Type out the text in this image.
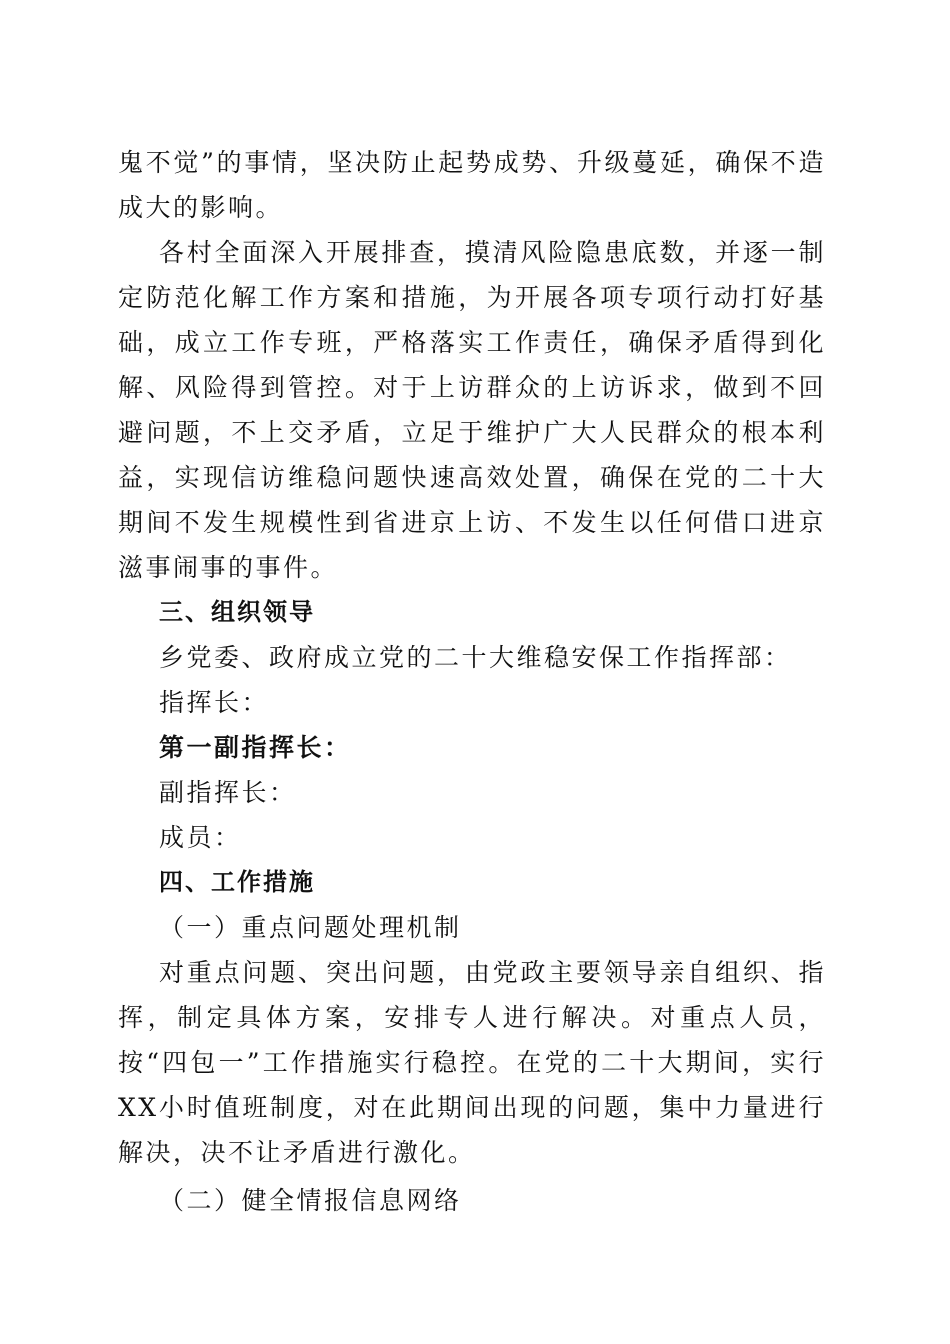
鬼不觉”的事情，坚决防止起势成势、升级蔓延，确保不造成大的影响。

各村全面深入开展排查，摸清风险隐患底数，并逐一制定防范化解工作方案和措施，为开展各项专项行动打好基础，成立工作专班，严格落实工作责任，确保矛盾得到化解、风险得到管控。对于上访群众的上访诉求，做到不回避问题，不上交矛盾，立足于维护广大人民群众的根本利益，实现信访维稳问题快速高效处置，确保在党的二十大期间不发生规模性到省进京上访、不发生以任何借口进京滋事闹事的事件。

三、组织领导

乡党委、政府成立党的二十大维稳安保工作指挥部：

指挥长：

第一副指挥长：

副指挥长：

成员：

四、工作措施

（一）重点问题处理机制

对重点问题、突出问题，由党政主要领导亲自组织、指挥，制定具体方案，安排专人进行解决。对重点人员，按“四包一”工作措施实行稳控。在党的二十大期间，实行XX小时值班制度，对在此期间出现的问题，集中力量进行解决，决不让矛盾进行激化。

（二）健全情报信息网络
